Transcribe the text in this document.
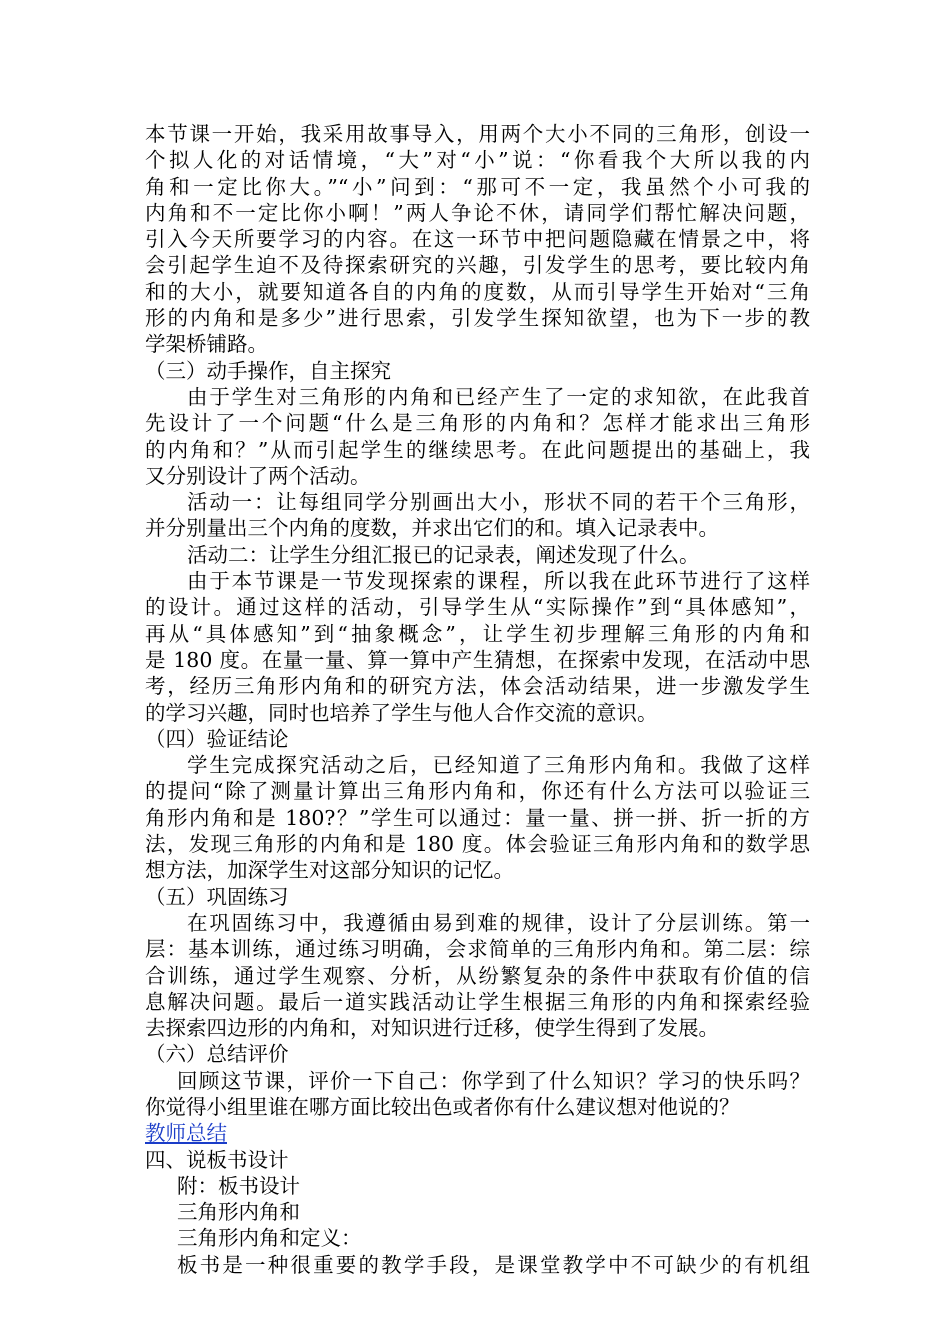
本节课一开始，我采用故事导入，用两个大小不同的三角形，创设一
个拟人化的对话情境，“大”对“小”说：“你看我个大所以我的内
角和一定比你大。”“小”问到：“那可不一定，我虽然个小可我的
内角和不一定比你小啊！”两人争论不休，请同学们帮忙解决问题，
引入今天所要学习的内容。在这一环节中把问题隐藏在情景之中，将
会引起学生迫不及待探索研究的兴趣，引发学生的思考，要比较内角
和的大小，就要知道各自的内角的度数，从而引导学生开始对“三角
形的内角和是多少”进行思索，引发学生探知欲望，也为下一步的教
学架桥铺路。
（三）动手操作，自主探究
由于学生对三角形的内角和已经产生了一定的求知欲，在此我首
先设计了一个问题“什么是三角形的内角和？怎样才能求出三角形
的内角和？”从而引起学生的继续思考。在此问题提出的基础上，我
又分别设计了两个活动。
活动一：让每组同学分别画出大小，形状不同的若干个三角形，
并分别量出三个内角的度数，并求出它们的和。填入记录表中。
活动二：让学生分组汇报已的记录表，阐述发现了什么。
由于本节课是一节发现探索的课程，所以我在此环节进行了这样
的设计。通过这样的活动，引导学生从“实际操作”到“具体感知”，
再从“具体感知”到“抽象概念”，让学生初步理解三角形的内角和
是 180 度。在量一量、算一算中产生猜想，在探索中发现，在活动中思
考，经历三角形内角和的研究方法，体会活动结果，进一步激发学生
的学习兴趣，同时也培养了学生与他人合作交流的意识。
（四）验证结论
学生完成探究活动之后，已经知道了三角形内角和。我做了这样
的提问“除了测量计算出三角形内角和，你还有什么方法可以验证三
角形内角和是 180?？”学生可以通过：量一量、拼一拼、折一折的方
法，发现三角形的内角和是 180 度。体会验证三角形内角和的数学思
想方法，加深学生对这部分知识的记忆。
（五）巩固练习
在巩固练习中，我遵循由易到难的规律，设计了分层训练。第一
层：基本训练，通过练习明确，会求简单的三角形内角和。第二层：综
合训练，通过学生观察、分析，从纷繁复杂的条件中获取有价值的信
息解决问题。最后一道实践活动让学生根据三角形的内角和探索经验
去探索四边形的内角和，对知识进行迁移，使学生得到了发展。
（六）总结评价
回顾这节课，评价一下自己：你学到了什么知识？学习的快乐吗？
你觉得小组里谁在哪方面比较出色或者你有什么建议想对他说的？
教师总结
四、说板书设计
附：板书设计
三角形内角和
三角形内角和定义：
板书是一种很重要的教学手段，是课堂教学中不可缺少的有机组
